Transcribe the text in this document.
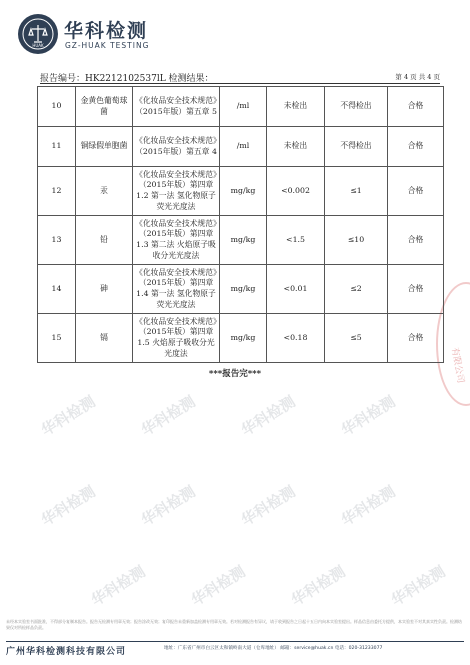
HUAK
华科检测
GZ-HUAK TESTING
报告编号：HK2212102537lL 检测结果：	第 4 页 共 4 页
华科检测	华科检测	华科检测	华科检测
华科检测	华科检测	华科检测	华科检测
华科检测	华科检测	华科检测	华科检测
有限公司
10	金黄色葡萄球菌	《化妆品安全技术规范》（2015年版）第五章 5	/ml	未检出	不得检出	合格
11	铜绿假单胞菌	《化妆品安全技术规范》（2015年版）第五章 4	/ml	未检出	不得检出	合格
12	汞	《化妆品安全技术规范》（2015年版）第四章 1.2 第一法 氢化物原子荧光光度法	mg/kg	<0.002	≤1	合格
13	铅	《化妆品安全技术规范》（2015年版）第四章 1.3 第二法 火焰原子吸收分光光度法	mg/kg	<1.5	≤10	合格
14	砷	《化妆品安全技术规范》（2015年版）第四章 1.4 第一法 氢化物原子荧光光度法	mg/kg	<0.01	≤2	合格
15	镉	《化妆品安全技术规范》（2015年版）第四章 1.5 火焰原子吸收分光光度法	mg/kg	<0.18	≤5	合格
***报告完***
未经本实验室书面批准，不得部分复制本报告。报告无检测专用章无效；报告涂改无效；复印报告未重新加盖检测专用章无效。若对检测报告有异议，请于收到报告之日起十五日内向本实验室提出。样品信息由委托方提供，本实验室不对其真实性负责。检测结果仅对所检样品负责。
广州华科检测科技有限公司	地址：广东省广州市白云区太和镇岭南大道（仓库地址） 邮箱：service@huak.cn 电话：020-31233077
